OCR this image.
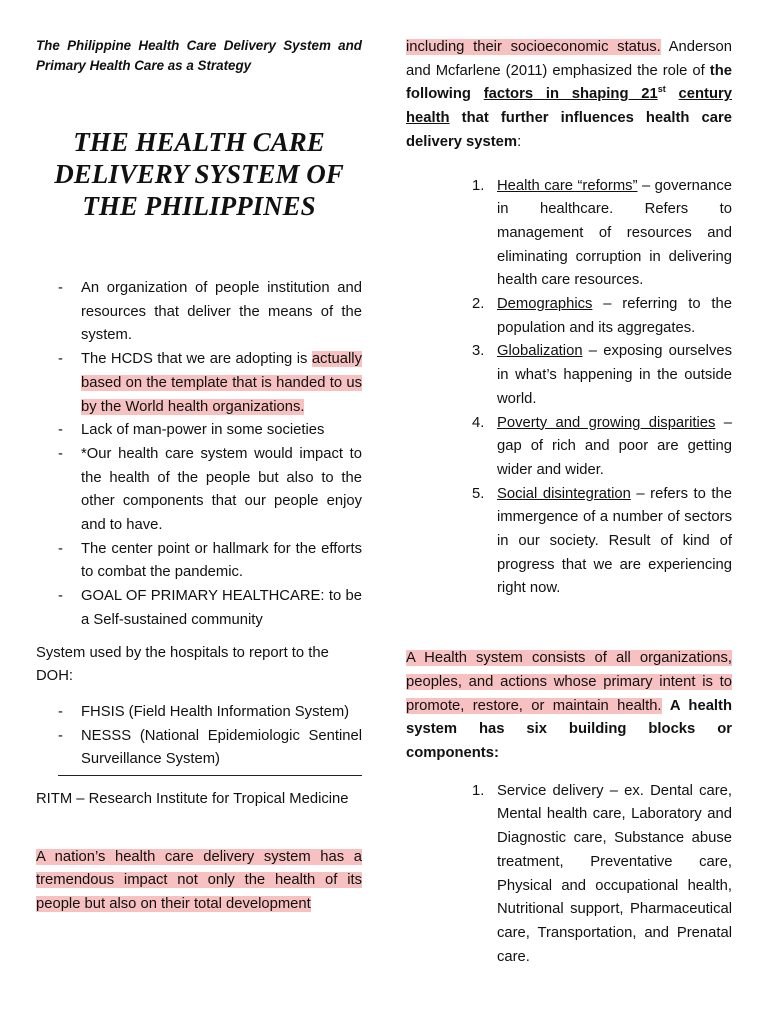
The Philippine Health Care Delivery System and Primary Health Care as a Strategy

THE HEALTH CARE
DELIVERY SYSTEM OF
THE PHILIPPINES
- An organization of people institution and resources that deliver the means of the system.
- The HCDS that we are adopting is actually based on the template that is handed to us by the World health organizations.
- Lack of man-power in some societies
- *Our health care system would impact to the health of the people but also to the other components that our people enjoy and to have.
- The center point or hallmark for the efforts to combat the pandemic.
- GOAL OF PRIMARY HEALTHCARE: to be a Self-sustained community

System used by the hospitals to report to the DOH:

- FHSIS (Field Health Information System)
- NESSS (National Epidemiologic Sentinel Surveillance System)

RITM – Research Institute for Tropical Medicine

A nation’s health care delivery system has a tremendous impact not only the health of its people but also on their total development

including their socioeconomic status. Anderson and Mcfarlene (2011) emphasized the role of the following factors in shaping 21st century health that further influences health care delivery system:

1. Health care “reforms” – governance in healthcare. Refers to management of resources and eliminating corruption in delivering health care resources.
2. Demographics – referring to the population and its aggregates.
3. Globalization – exposing ourselves in what’s happening in the outside world.
4. Poverty and growing disparities – gap of rich and poor are getting wider and wider.
5. Social disintegration – refers to the immergence of a number of sectors in our society. Result of kind of progress that we are experiencing right now.

A Health system consists of all organizations, peoples, and actions whose primary intent is to promote, restore, or maintain health. A health system has six building blocks or components:

1. Service delivery – ex. Dental care, Mental health care, Laboratory and Diagnostic care, Substance abuse treatment, Preventative care, Physical and occupational health, Nutritional support, Pharmaceutical care, Transportation, and Prenatal care.
